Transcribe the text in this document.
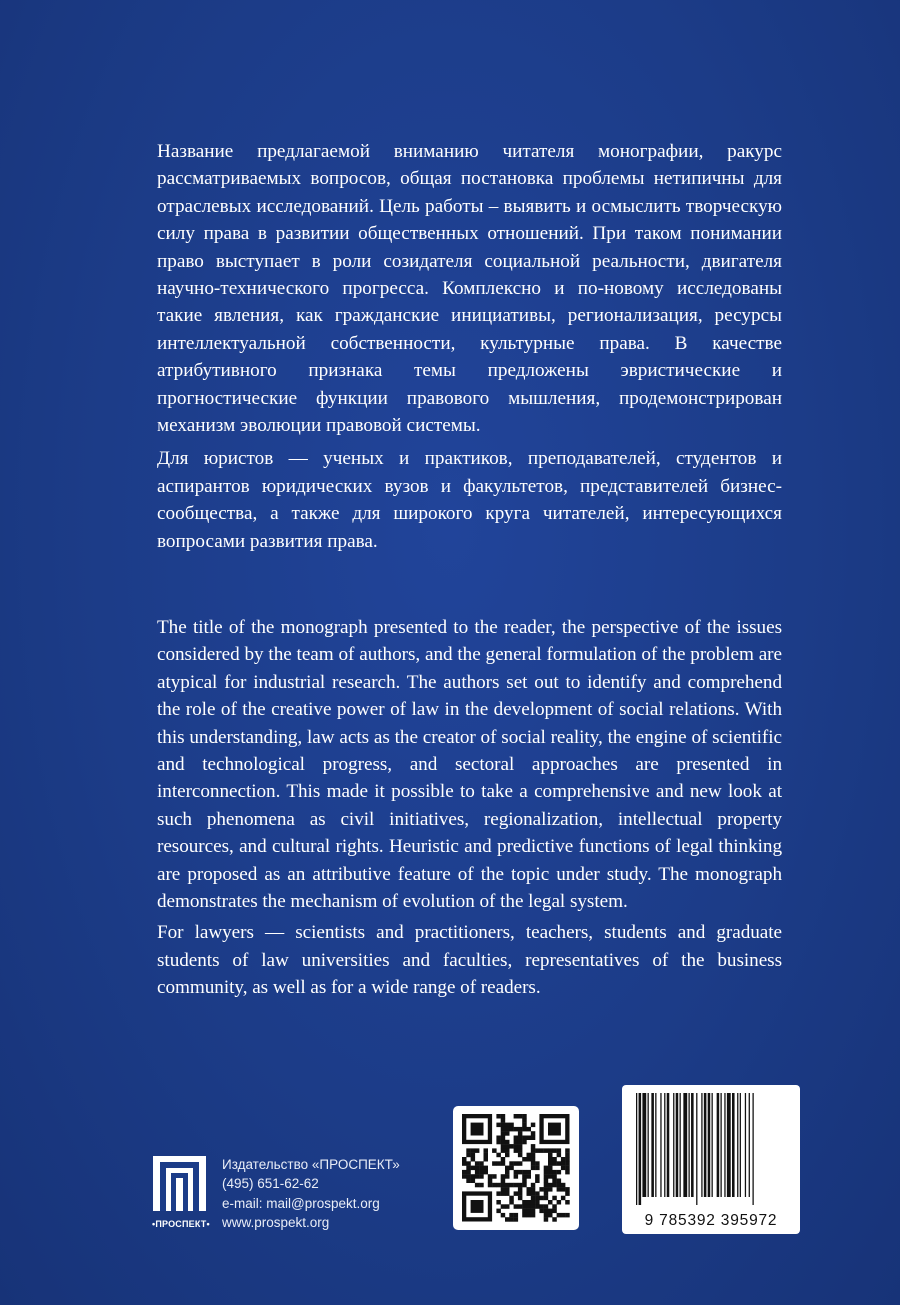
Название предлагаемой вниманию читателя монографии, ракурс рассматриваемых вопросов, общая постановка проблемы нетипичны для отраслевых исследований. Цель работы – выявить и осмыслить творческую силу права в развитии общественных отношений. При таком понимании право выступает в роли созидателя социальной реальности, двигателя научно-технического прогресса. Комплексно и по-новому исследованы такие явления, как гражданские инициативы, регионализация, ресурсы интеллектуальной собственности, культурные права. В качестве атрибутивного признака темы предложены эвристические и прогностические функции правового мышления, продемонстрирован механизм эволюции правовой системы.

Для юристов — ученых и практиков, преподавателей, студентов и аспирантов юридических вузов и факультетов, представителей бизнес-сообщества, а также для широкого круга читателей, интересующихся вопросами развития права.

The title of the monograph presented to the reader, the perspective of the issues considered by the team of authors, and the general formulation of the problem are atypical for industrial research. The authors set out to identify and comprehend the role of the creative power of law in the development of social relations. With this understanding, law acts as the creator of social reality, the engine of scientific and technological progress, and sectoral approaches are presented in interconnection. This made it possible to take a comprehensive and new look at such phenomena as civil initiatives, regionalization, intellectual property resources, and cultural rights. Heuristic and predictive functions of legal thinking are proposed as an attributive feature of the topic under study. The monograph demonstrates the mechanism of evolution of the legal system.

For lawyers — scientists and practitioners, teachers, students and graduate students of law universities and faculties, representatives of the business community, as well as for a wide range of readers.

•ПРОСПЕКТ•
Издательство «ПРОСПЕКТ»
(495) 651-62-62
e-mail: mail@prospekt.org
www.prospekt.org	9 785392 395972
